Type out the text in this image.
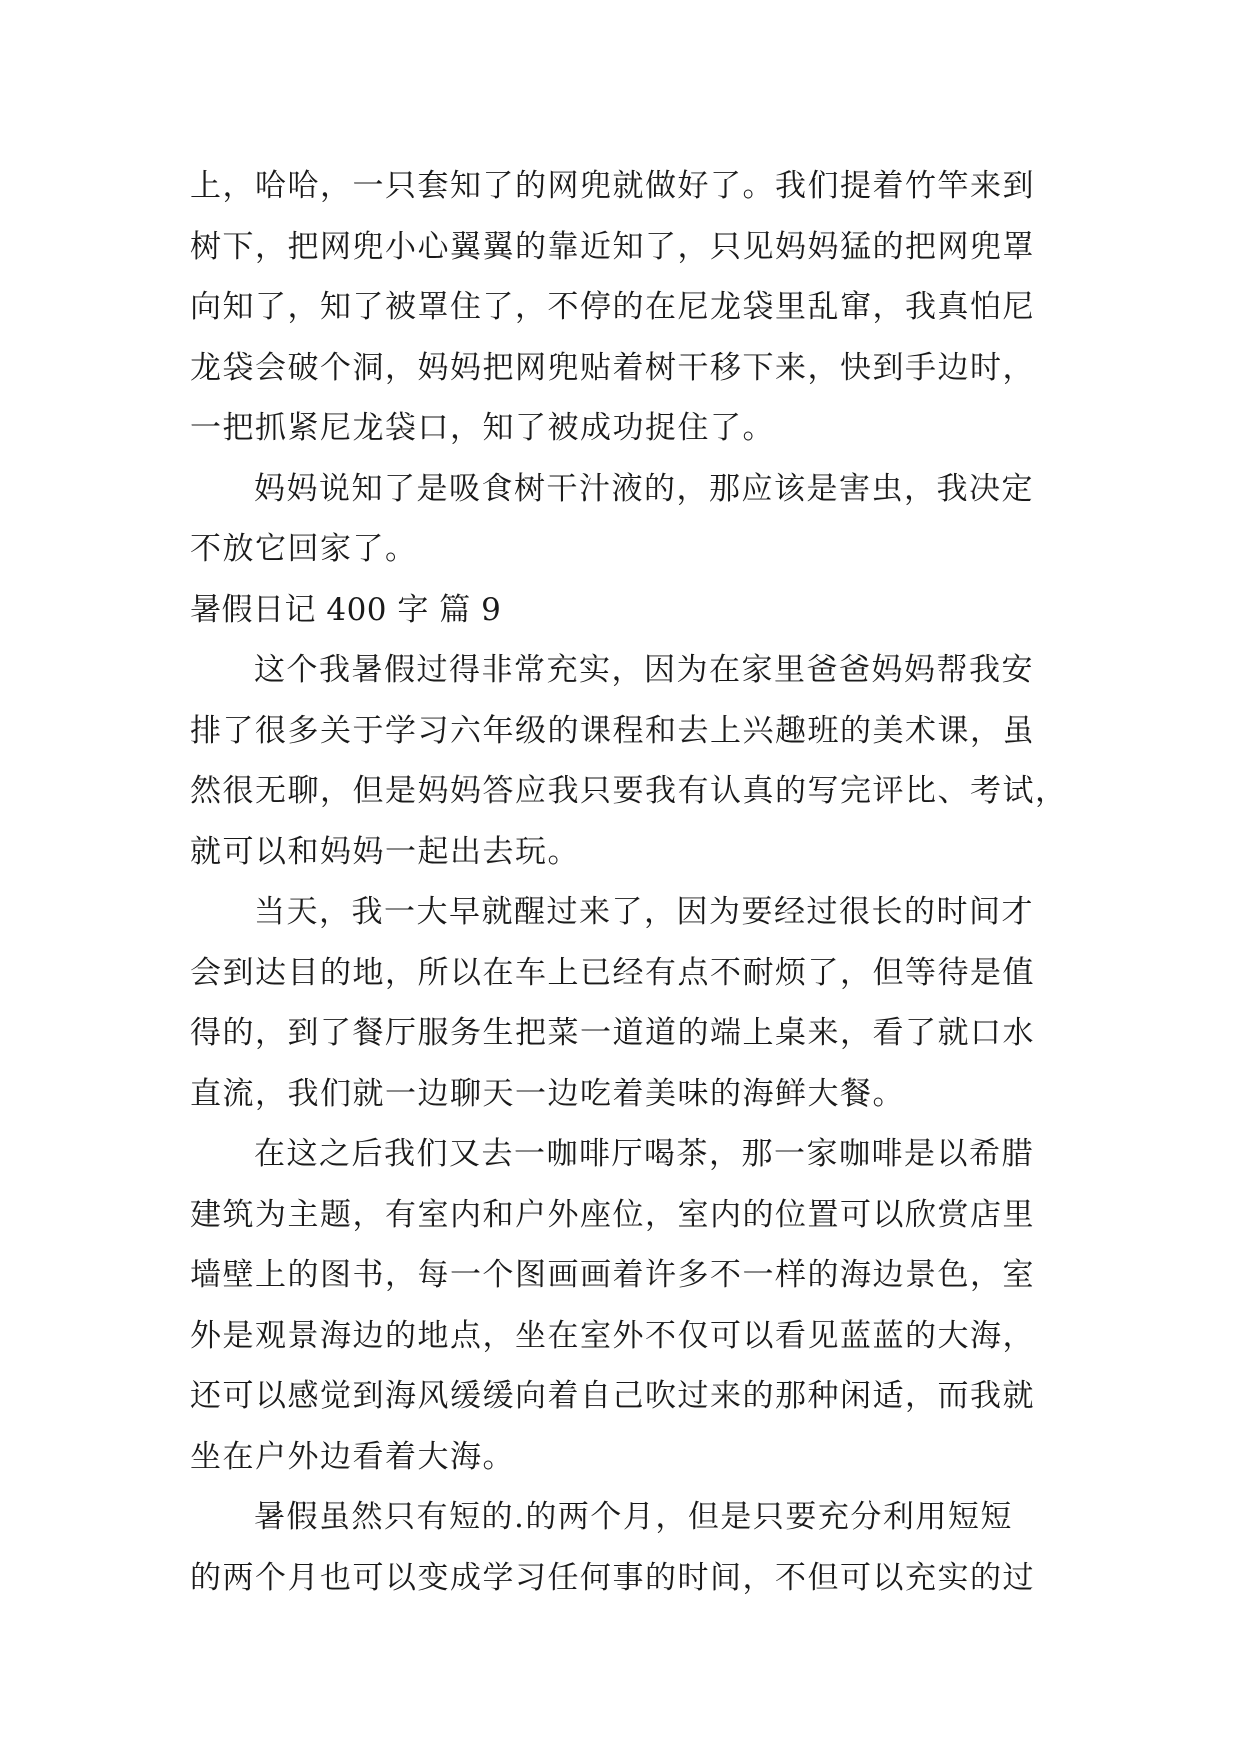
上，哈哈，一只套知了的网兜就做好了。我们提着竹竿来到
树下，把网兜小心翼翼的靠近知了，只见妈妈猛的把网兜罩
向知了，知了被罩住了，不停的在尼龙袋里乱窜，我真怕尼
龙袋会破个洞，妈妈把网兜贴着树干移下来，快到手边时，
一把抓紧尼龙袋口，知了被成功捉住了。
妈妈说知了是吸食树干汁液的，那应该是害虫，我决定
不放它回家了。
暑假日记 400 字 篇 9
这个我暑假过得非常充实，因为在家里爸爸妈妈帮我安
排了很多关于学习六年级的课程和去上兴趣班的美术课，虽
然很无聊，但是妈妈答应我只要我有认真的写完评比、考试，
就可以和妈妈一起出去玩。
当天，我一大早就醒过来了，因为要经过很长的时间才
会到达目的地，所以在车上已经有点不耐烦了，但等待是值
得的，到了餐厅服务生把菜一道道的端上桌来，看了就口水
直流，我们就一边聊天一边吃着美味的海鲜大餐。
在这之后我们又去一咖啡厅喝茶，那一家咖啡是以希腊
建筑为主题，有室内和户外座位，室内的位置可以欣赏店里
墙壁上的图书，每一个图画画着许多不一样的海边景色，室
外是观景海边的地点，坐在室外不仅可以看见蓝蓝的大海，
还可以感觉到海风缓缓向着自己吹过来的那种闲适，而我就
坐在户外边看着大海。
暑假虽然只有短的.的两个月，但是只要充分利用短短
的两个月也可以变成学习任何事的时间，不但可以充实的过
